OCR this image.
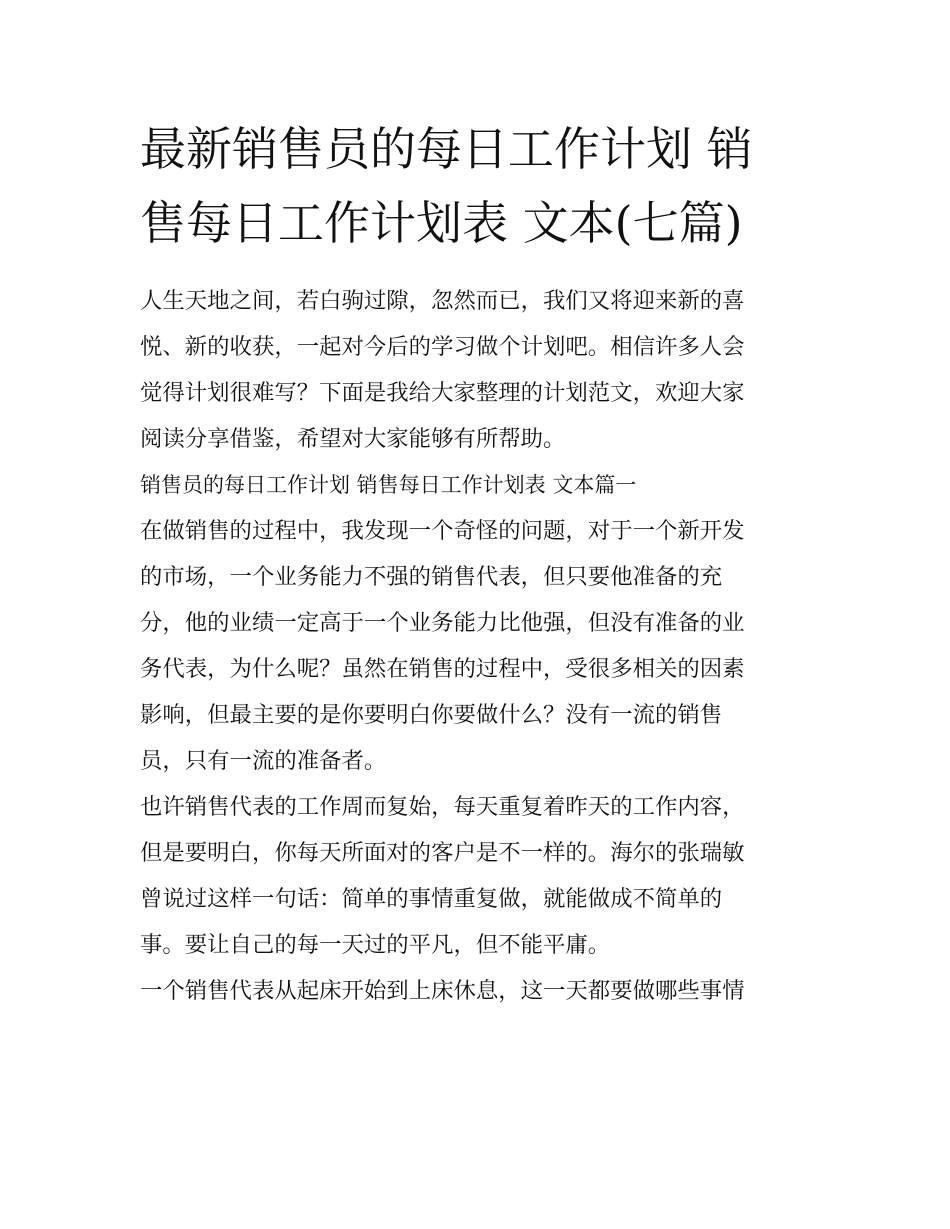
最新销售员的每日工作计划 销
售每日工作计划表 文本(七篇)

人生天地之间，若白驹过隙，忽然而已，我们又将迎来新的喜
悦、新的收获，一起对今后的学习做个计划吧。相信许多人会
觉得计划很难写？下面是我给大家整理的计划范文，欢迎大家
阅读分享借鉴，希望对大家能够有所帮助。

销售员的每日工作计划 销售每日工作计划表 文本篇一

在做销售的过程中，我发现一个奇怪的问题，对于一个新开发
的市场，一个业务能力不强的销售代表，但只要他准备的充
分，他的业绩一定高于一个业务能力比他强，但没有准备的业
务代表，为什么呢？虽然在销售的过程中，受很多相关的因素
影响，但最主要的是你要明白你要做什么？没有一流的销售
员，只有一流的准备者。

也许销售代表的工作周而复始，每天重复着昨天的工作内容，
但是要明白，你每天所面对的客户是不一样的。海尔的张瑞敏
曾说过这样一句话：简单的事情重复做，就能做成不简单的
事。要让自己的每一天过的平凡，但不能平庸。

一个销售代表从起床开始到上床休息，这一天都要做哪些事情
